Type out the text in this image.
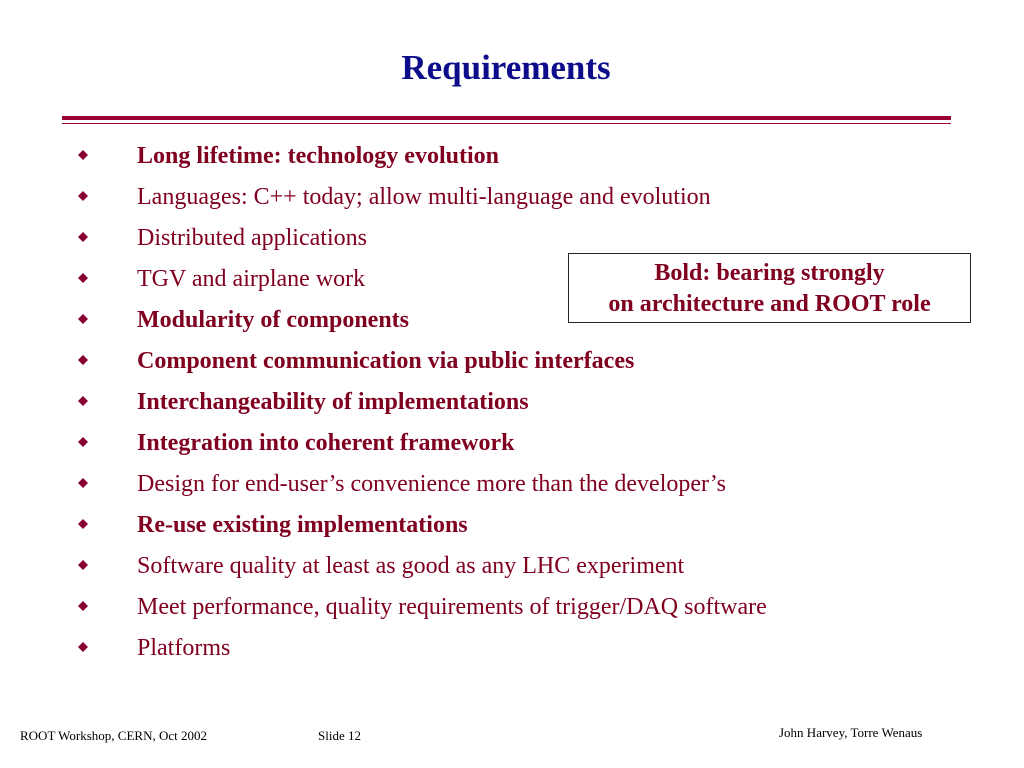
Requirements
Long lifetime: technology evolution
Languages: C++ today; allow multi-language and evolution
Distributed applications
TGV and airplane work
Modularity of components
Component communication via public interfaces
Interchangeability of implementations
Integration into coherent framework
Design for end-user’s convenience more than the developer’s
Re-use existing implementations
Software quality at least as good as any LHC experiment
Meet performance, quality requirements of trigger/DAQ software
Platforms
Bold: bearing strongly
on architecture and ROOT role
ROOT Workshop, CERN, Oct 2002	Slide 12	John Harvey, Torre Wenaus
